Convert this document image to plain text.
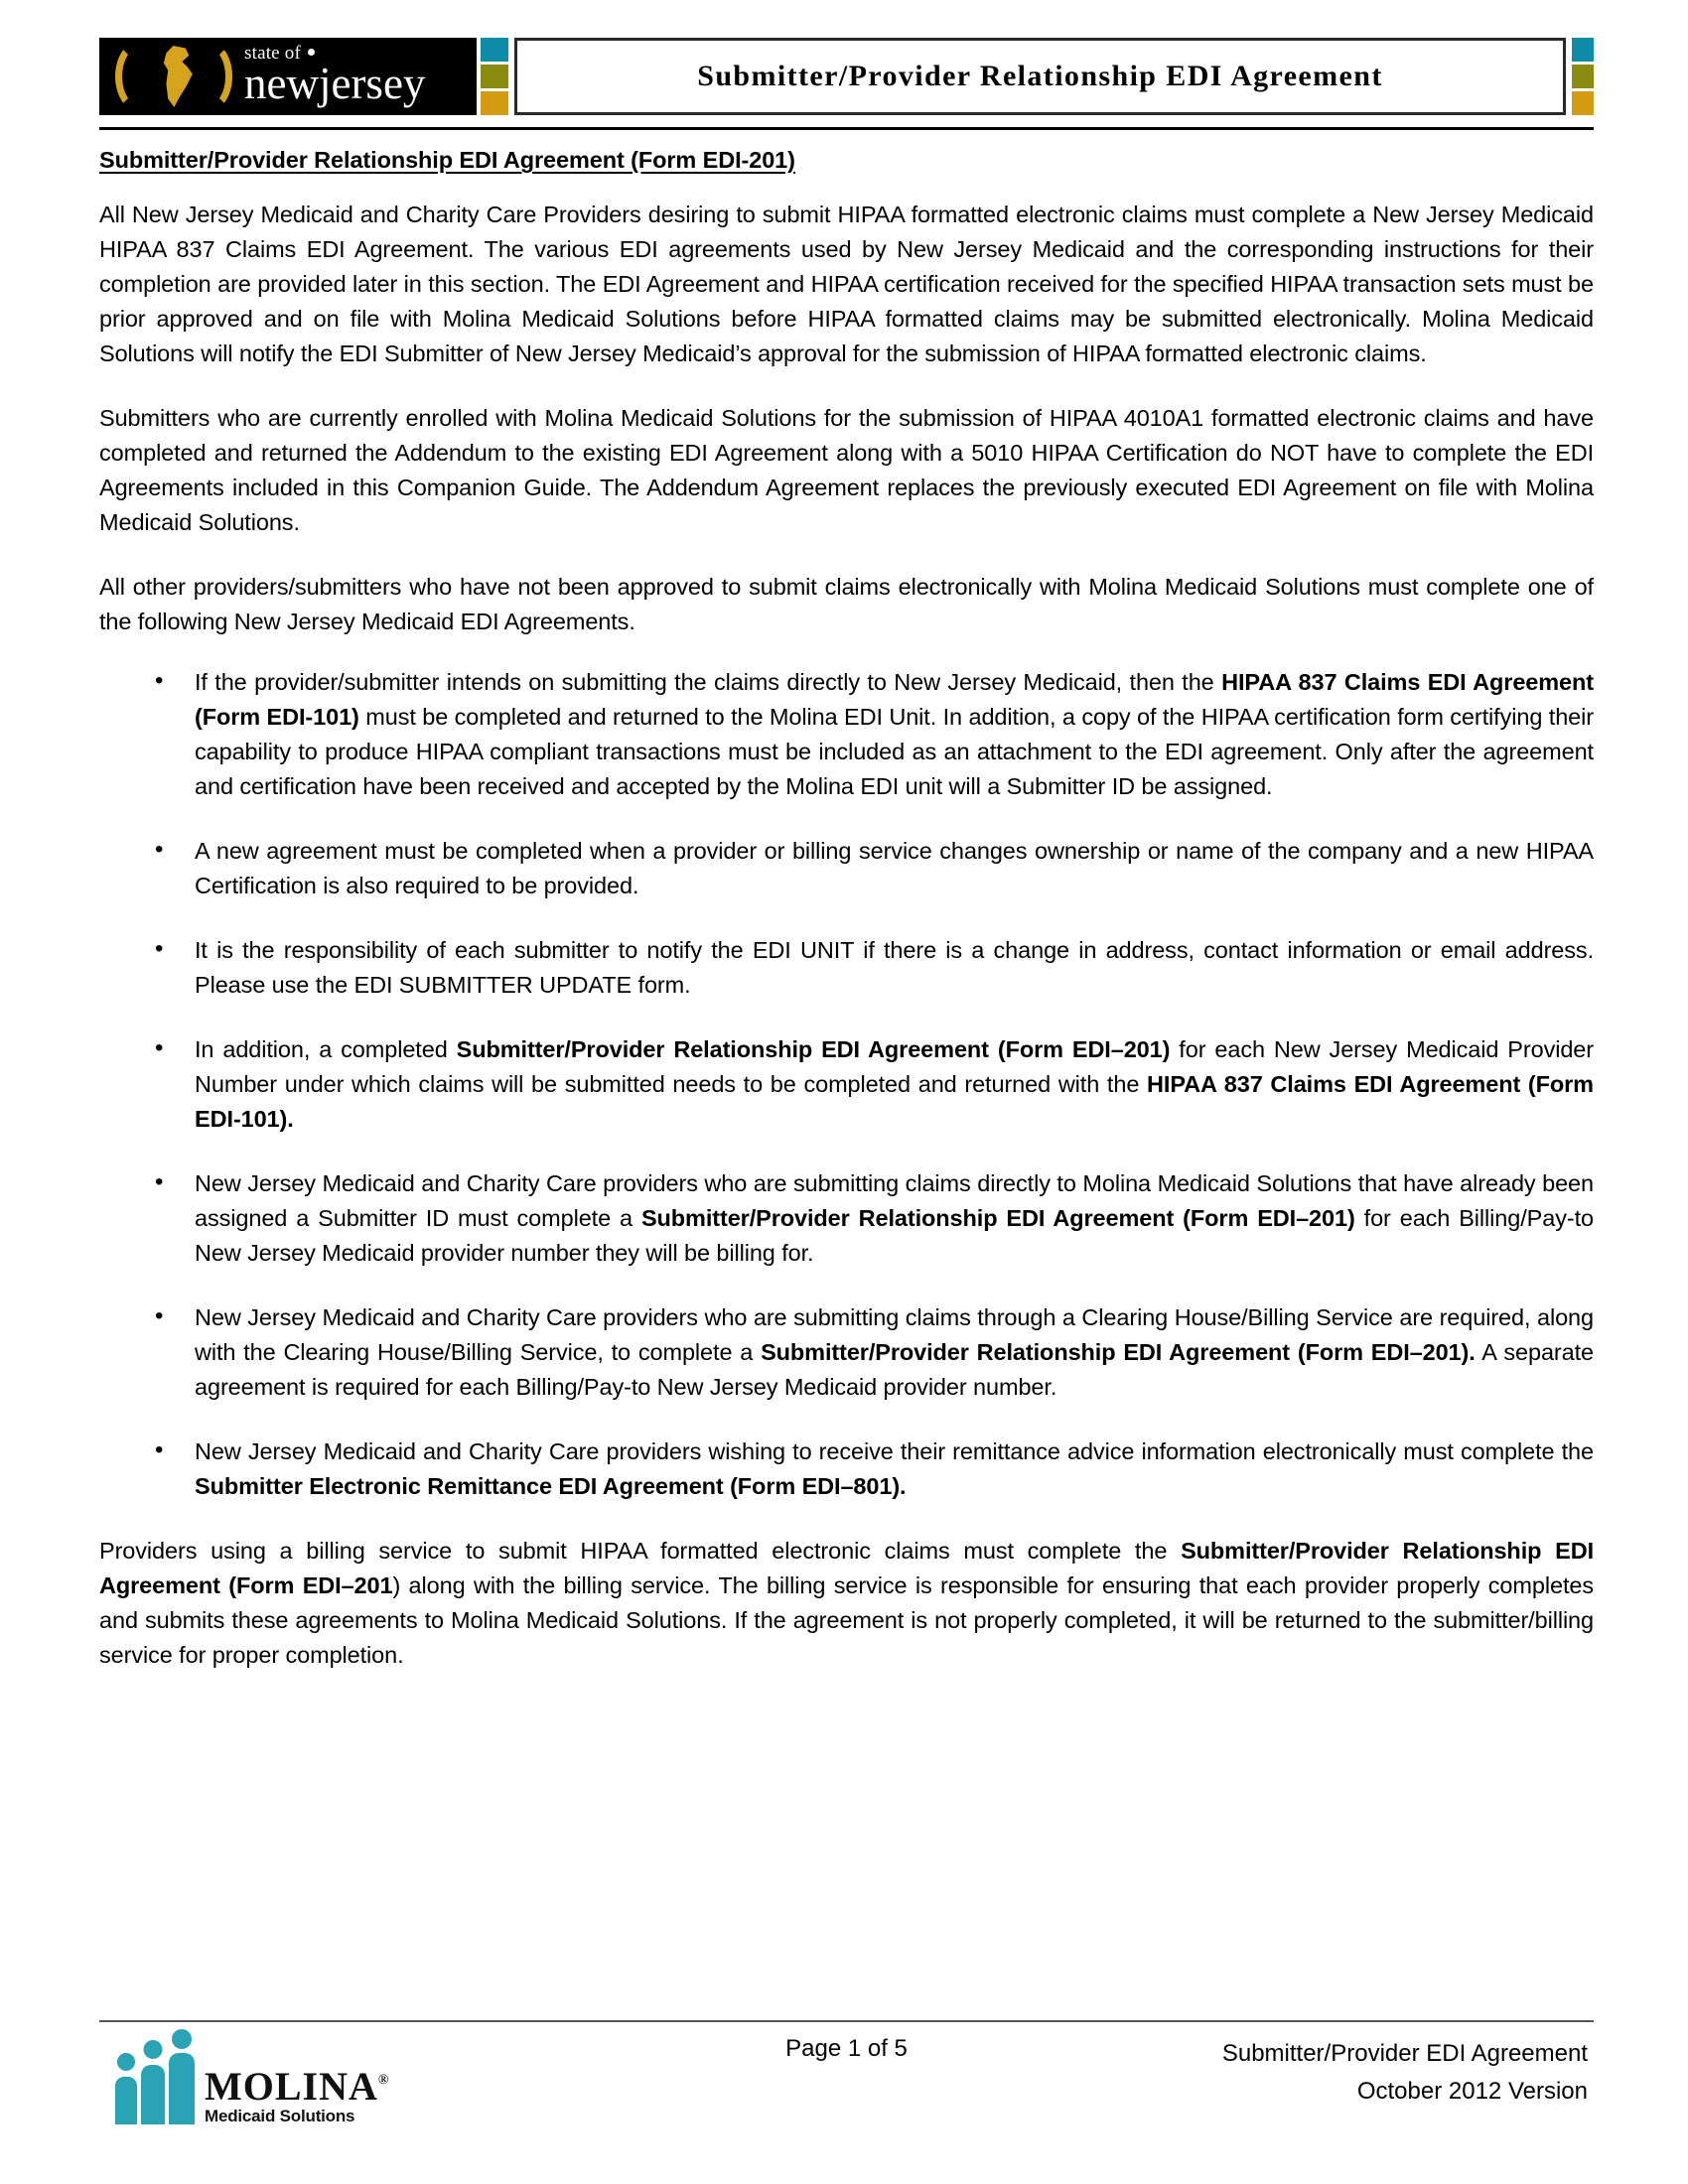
state of
newjersey	Submitter/Provider Relationship EDI Agreement
Submitter/Provider Relationship EDI Agreement (Form EDI-201)

All New Jersey Medicaid and Charity Care Providers desiring to submit HIPAA formatted electronic claims must complete a New Jersey Medicaid HIPAA 837 Claims EDI Agreement. The various EDI agreements used by New Jersey Medicaid and the corresponding instructions for their completion are provided later in this section. The EDI Agreement and HIPAA certification received for the specified HIPAA transaction sets must be prior approved and on file with Molina Medicaid Solutions before HIPAA formatted claims may be submitted electronically. Molina Medicaid Solutions will notify the EDI Submitter of New Jersey Medicaid’s approval for the submission of HIPAA formatted electronic claims.

Submitters who are currently enrolled with Molina Medicaid Solutions for the submission of HIPAA 4010A1 formatted electronic claims and have completed and returned the Addendum to the existing EDI Agreement along with a 5010 HIPAA Certification do NOT have to complete the EDI Agreements included in this Companion Guide. The Addendum Agreement replaces the previously executed EDI Agreement on file with Molina Medicaid Solutions.

All other providers/submitters who have not been approved to submit claims electronically with Molina Medicaid Solutions must complete one of the following New Jersey Medicaid EDI Agreements.

• If the provider/submitter intends on submitting the claims directly to New Jersey Medicaid, then the HIPAA 837 Claims EDI Agreement (Form EDI-101) must be completed and returned to the Molina EDI Unit. In addition, a copy of the HIPAA certification form certifying their capability to produce HIPAA compliant transactions must be included as an attachment to the EDI agreement. Only after the agreement and certification have been received and accepted by the Molina EDI unit will a Submitter ID be assigned.
• A new agreement must be completed when a provider or billing service changes ownership or name of the company and a new HIPAA Certification is also required to be provided.
• It is the responsibility of each submitter to notify the EDI UNIT if there is a change in address, contact information or email address. Please use the EDI SUBMITTER UPDATE form.
• In addition, a completed Submitter/Provider Relationship EDI Agreement (Form EDI–201) for each New Jersey Medicaid Provider Number under which claims will be submitted needs to be completed and returned with the HIPAA 837 Claims EDI Agreement (Form EDI-101).
• New Jersey Medicaid and Charity Care providers who are submitting claims directly to Molina Medicaid Solutions that have already been assigned a Submitter ID must complete a Submitter/Provider Relationship EDI Agreement (Form EDI–201) for each Billing/Pay-to New Jersey Medicaid provider number they will be billing for.
• New Jersey Medicaid and Charity Care providers who are submitting claims through a Clearing House/Billing Service are required, along with the Clearing House/Billing Service, to complete a Submitter/Provider Relationship EDI Agreement (Form EDI–201). A separate agreement is required for each Billing/Pay-to New Jersey Medicaid provider number.
• New Jersey Medicaid and Charity Care providers wishing to receive their remittance advice information electronically must complete the Submitter Electronic Remittance EDI Agreement (Form EDI–801).

Providers using a billing service to submit HIPAA formatted electronic claims must complete the Submitter/Provider Relationship EDI Agreement (Form EDI–201) along with the billing service. The billing service is responsible for ensuring that each provider properly completes and submits these agreements to Molina Medicaid Solutions. If the agreement is not properly completed, it will be returned to the submitter/billing service for proper completion.

MOLINA®
Medicaid Solutions
Page 1 of 5	Submitter/Provider EDI Agreement
October 2012 Version
